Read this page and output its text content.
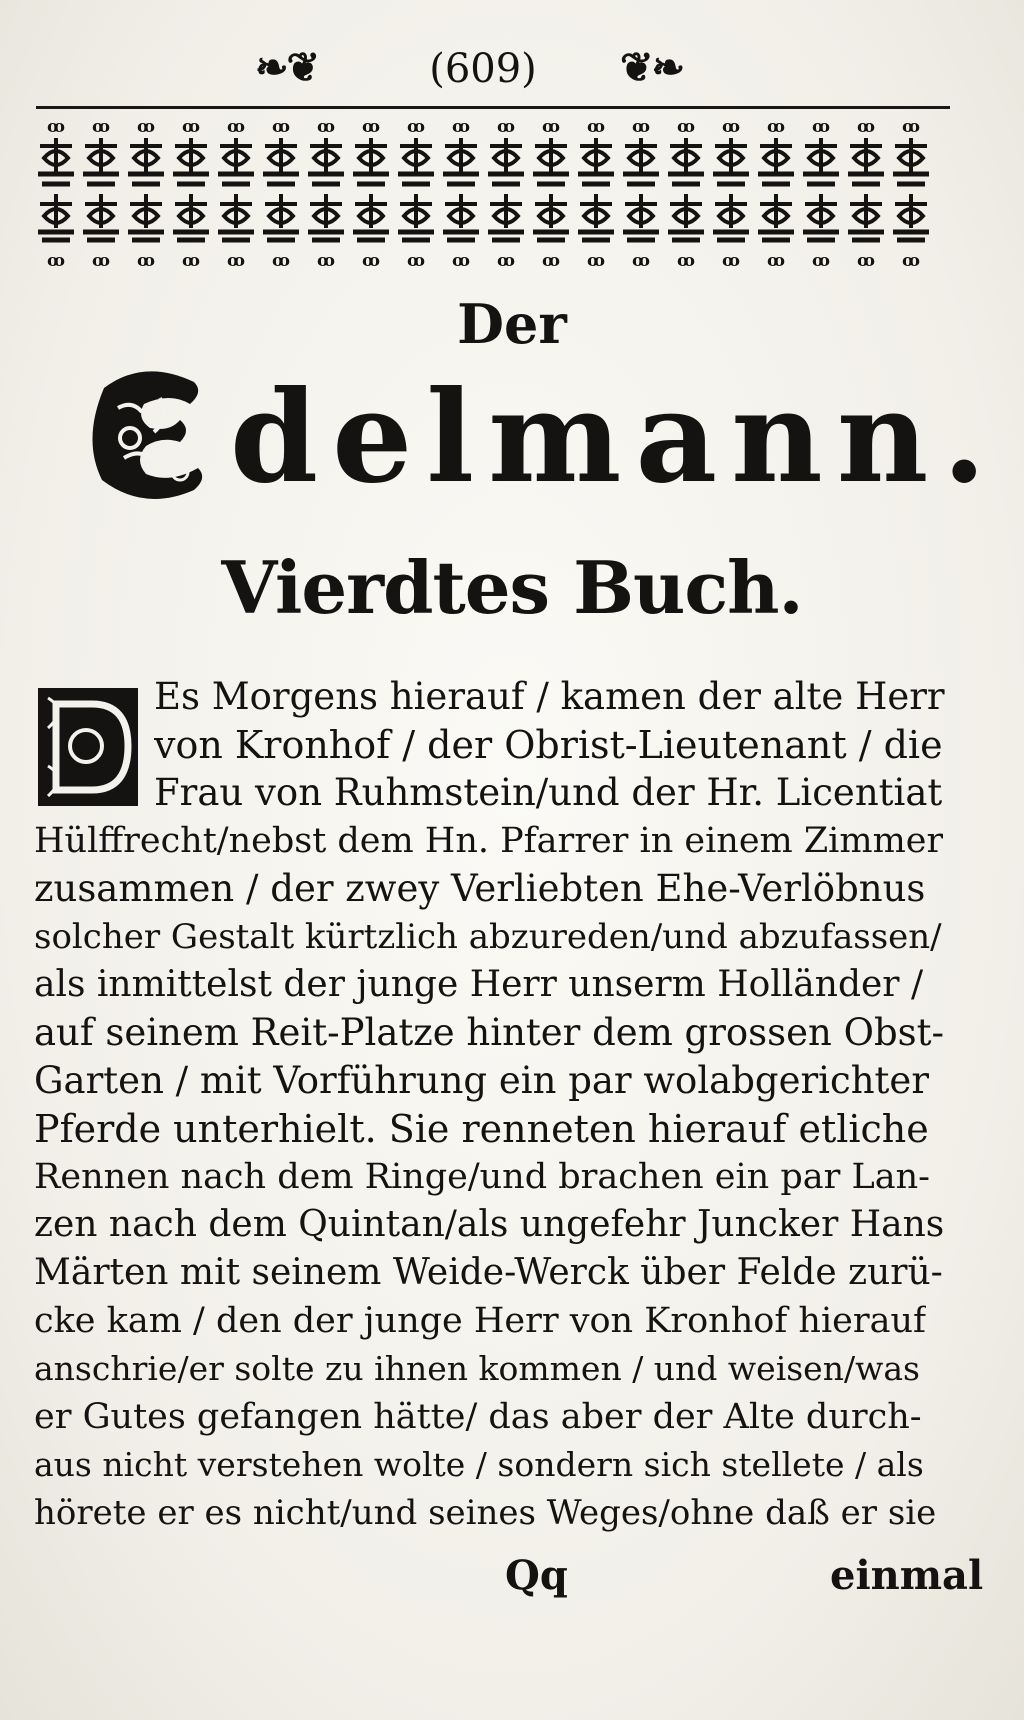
❧❦	(609) ❦❧
Der
delmann.
Vierdtes Buch.
Es Morgens hierauf / kamen der alte Herr
von Kronhof / der Obrist-Lieutenant / die
Frau von Ruhmstein/und der Hr. Licentiat
Hülffrecht/nebst dem Hn. Pfarrer in einem Zimmer
zusammen / der zwey Verliebten Ehe-Verlöbnus
solcher Gestalt kürtzlich abzureden/und abzufassen/
als inmittelst der junge Herr unserm Holländer /
auf seinem Reit-Platze hinter dem grossen Obst-
Garten / mit Vorführung ein par wolabgerichter
Pferde unterhielt. Sie renneten hierauf etliche
Rennen nach dem Ringe/und brachen ein par Lan-
zen nach dem Quintan/als ungefehr Juncker Hans
Märten mit seinem Weide-Werck über Felde zurü-
cke kam / den der junge Herr von Kronhof hierauf
anschrie/er solte zu ihnen kommen / und weisen/was
er Gutes gefangen hätte/ das aber der Alte durch-
aus nicht verstehen wolte / sondern sich stellete / als
hörete er es nicht/und seines Weges/ohne daß er sie
Qq	einmal
